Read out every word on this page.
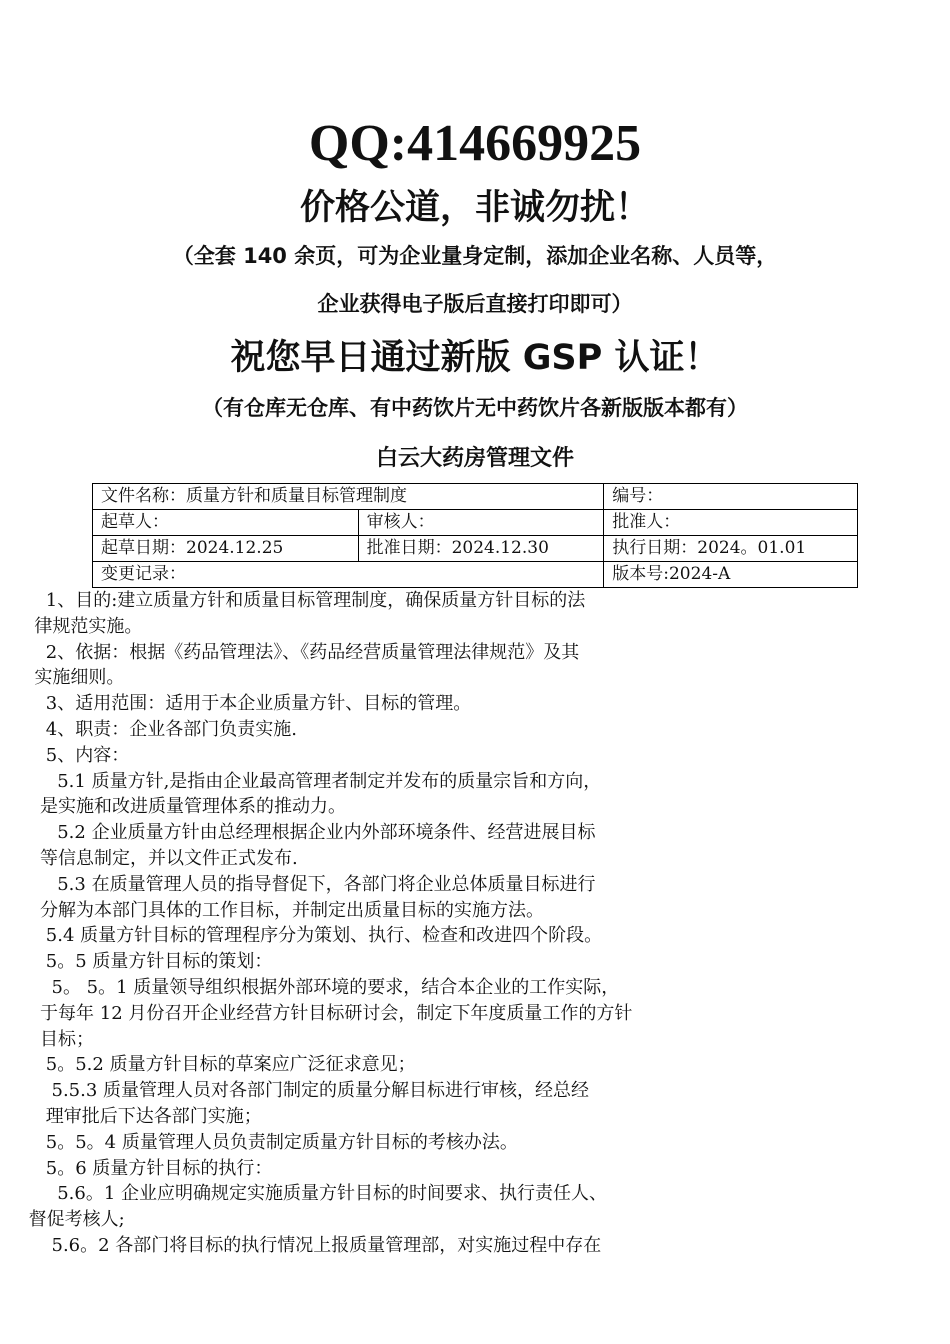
QQ:414669925
价格公道，非诚勿扰！
（全套 140 余页，可为企业量身定制，添加企业名称、人员等，
企业获得电子版后直接打印即可）
祝您早日通过新版 GSP 认证！
（有仓库无仓库、有中药饮片无中药饮片各新版版本都有）
白云大药房管理文件
文件名称：质量方针和质量目标管理制度		编号：
起草人：	审核人：	批准人：
起草日期：2024.12.25	批准日期：2024.12.30	执行日期：2024。01.01
变更记录：		版本号:2024-A
1、目的:建立质量方针和质量目标管理制度，确保质量方针目标的法
律规范实施。
2、依据：根据《药品管理法》、《药品经营质量管理法律规范》及其
实施细则。
3、适用范围：适用于本企业质量方针、目标的管理。
4、职责：企业各部门负责实施.
5、内容：
5.1 质量方针,是指由企业最高管理者制定并发布的质量宗旨和方向，
是实施和改进质量管理体系的推动力。
5.2 企业质量方针由总经理根据企业内外部环境条件、经营进展目标
等信息制定，并以文件正式发布.
5.3 在质量管理人员的指导督促下，各部门将企业总体质量目标进行
分解为本部门具体的工作目标，并制定出质量目标的实施方法。
5.4 质量方针目标的管理程序分为策划、执行、检查和改进四个阶段。
5。5 质量方针目标的策划：
5。 5。1 质量领导组织根据外部环境的要求，结合本企业的工作实际，
于每年 12 月份召开企业经营方针目标研讨会，制定下年度质量工作的方针
目标；
5。5.2 质量方针目标的草案应广泛征求意见；
5.5.3 质量管理人员对各部门制定的质量分解目标进行审核，经总经
理审批后下达各部门实施；
5。5。4 质量管理人员负责制定质量方针目标的考核办法。
5。6 质量方针目标的执行：
5.6。1 企业应明确规定实施质量方针目标的时间要求、执行责任人、
督促考核人;
5.6。2 各部门将目标的执行情况上报质量管理部，对实施过程中存在
